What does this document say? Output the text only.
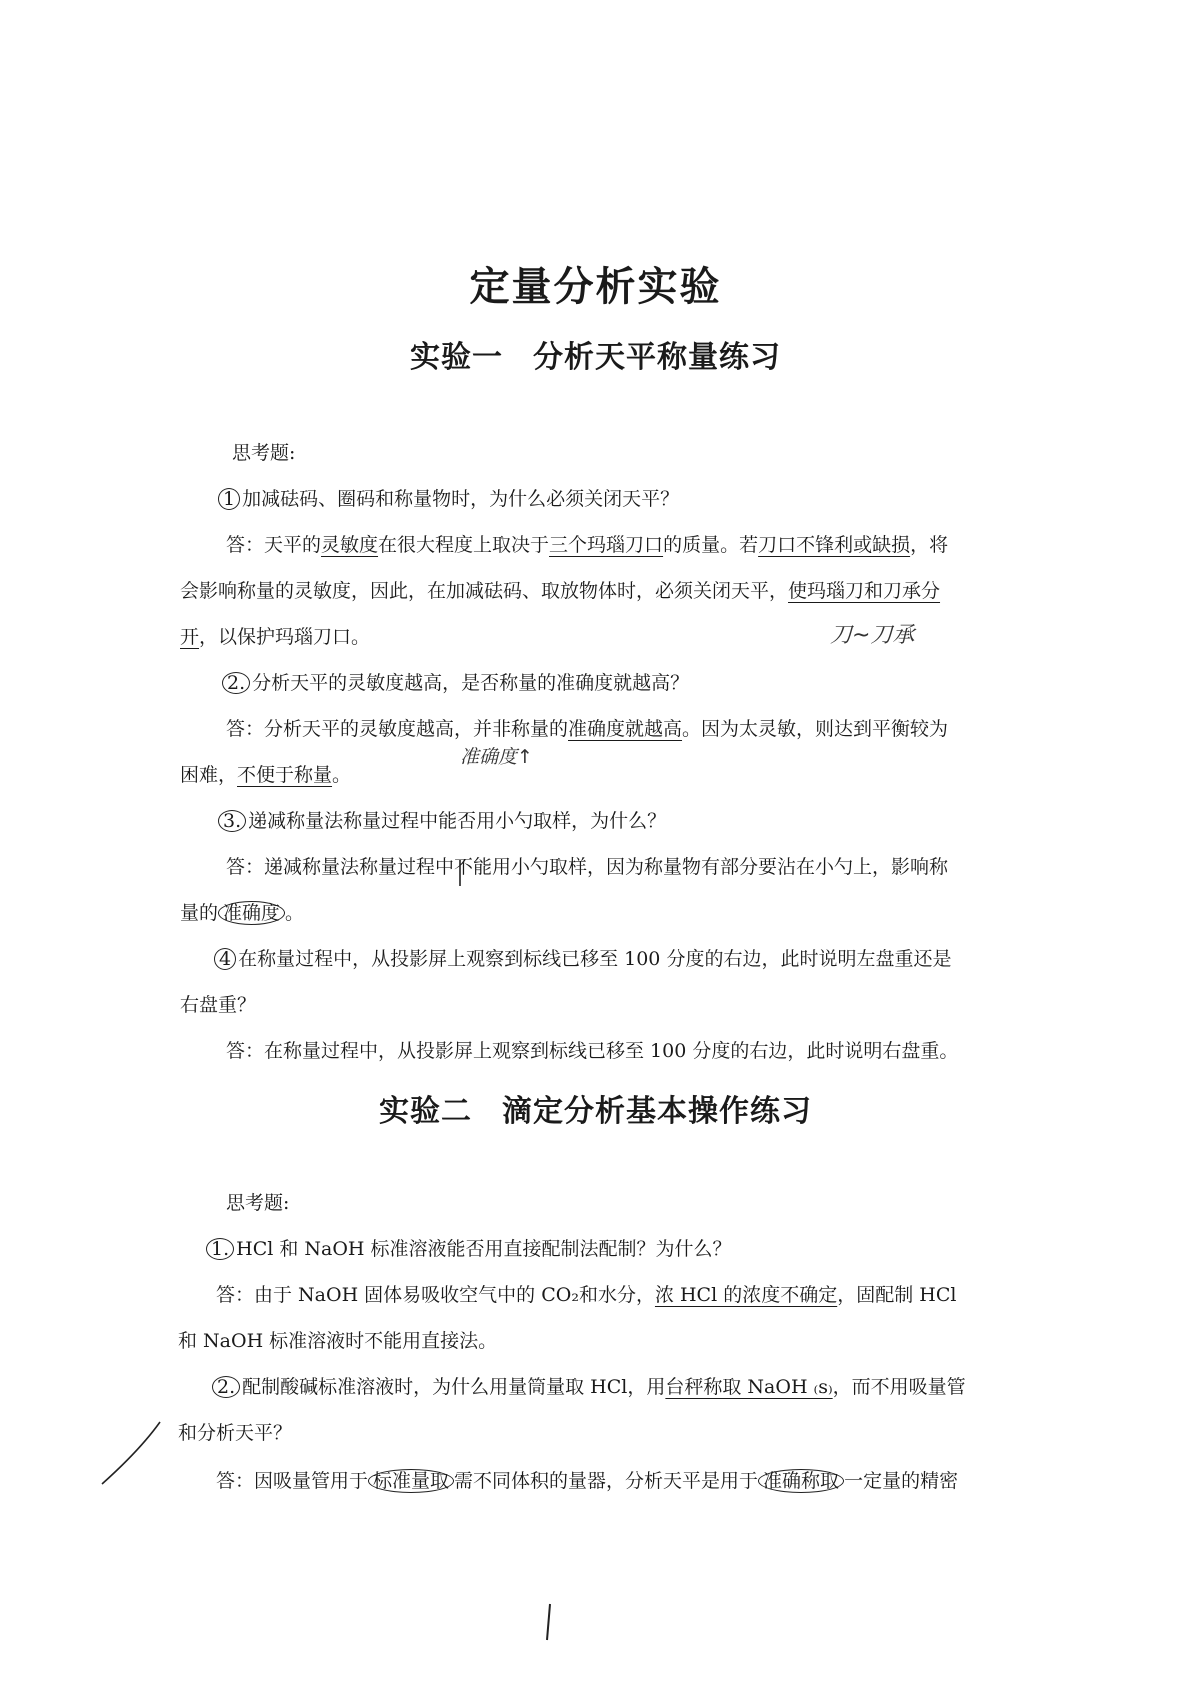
定量分析实验
实验一 分析天平称量练习
思考题:
1 加减砝码、圈码和称量物时，为什么必须关闭天平？
答：天平的灵敏度在很大程度上取决于三个玛瑙刀口的质量。若刀口不锋利或缺损，将
会影响称量的灵敏度，因此，在加减砝码、取放物体时，必须关闭天平，使玛瑙刀和刀承分
开，以保护玛瑙刀口。	刀~刀承
2. 分析天平的灵敏度越高，是否称量的准确度就越高？
答：分析天平的灵敏度越高，并非称量的准确度就越高。因为太灵敏，则达到平衡较为
困难，不便于称量。
准确度↑
3. 递减称量法称量过程中能否用小勺取样，为什么？
答：递减称量法称量过程中不能用小勺取样，因为称量物有部分要沾在小勺上，影响称
量的 准确度 。
4 在称量过程中，从投影屏上观察到标线已移至 100 分度的右边，此时说明左盘重还是
右盘重？
答：在称量过程中，从投影屏上观察到标线已移至 100 分度的右边，此时说明右盘重。
实验二 滴定分析基本操作练习
思考题:
1. HCl 和 NaOH 标准溶液能否用直接配制法配制？为什么？
答：由于 NaOH 固体易吸收空气中的 CO₂和水分，浓 HCl 的浓度不确定，固配制 HCl
和 NaOH 标准溶液时不能用直接法。
2. 配制酸碱标准溶液时，为什么用量筒量取 HCl，用台秤称取 NaOH ₍s₎，而不用吸量管
和分析天平？
答：因吸量管用于 标准量取 需不同体积的量器，分析天平是用于 准确称取 一定量的精密
